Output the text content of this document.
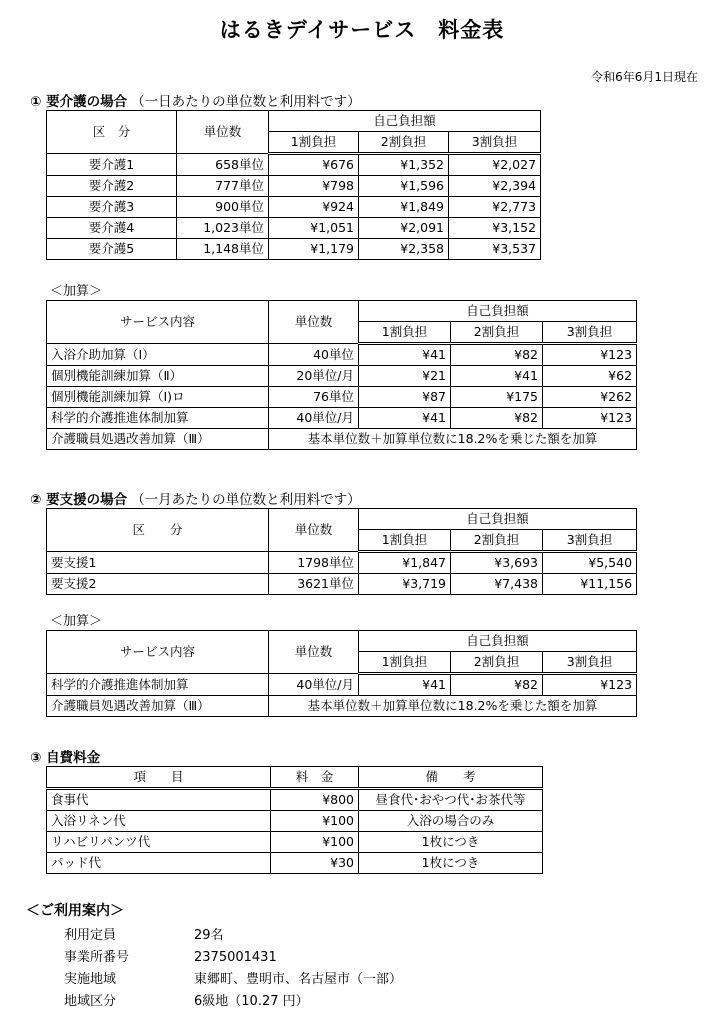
はるきデイサービス　料金表
令和6年6月1日現在
① 要介護の場合 （一日あたりの単位数と利用料です）
区　分	単位数	自己負担額		
		1割負担	2割負担	3割負担
要介護1	658単位	¥676	¥1,352	¥2,027
要介護2	777単位	¥798	¥1,596	¥2,394
要介護3	900単位	¥924	¥1,849	¥2,773
要介護4	1,023単位	¥1,051	¥2,091	¥3,152
要介護5	1,148単位	¥1,179	¥2,358	¥3,537
＜加算＞
サービス内容	単位数	自己負担額		
		1割負担	2割負担	3割負担
入浴介助加算（Ⅰ）	40単位	¥41	¥82	¥123
個別機能訓練加算（Ⅱ）	20単位/月	¥21	¥41	¥62
個別機能訓練加算（Ⅰ)ロ	76単位	¥87	¥175	¥262
科学的介護推進体制加算	40単位/月	¥41	¥82	¥123
介護職員処遇改善加算（Ⅲ）	基本単位数＋加算単位数に18.2%を乗じた額を加算			
② 要支援の場合 （一月あたりの単位数と利用料です）
区　　分	単位数	自己負担額		
		1割負担	2割負担	3割負担
要支援1	1798単位	¥1,847	¥3,693	¥5,540
要支援2	3621単位	¥3,719	¥7,438	¥11,156
＜加算＞
サービス内容	単位数	自己負担額		
		1割負担	2割負担	3割負担
科学的介護推進体制加算	40単位/月	¥41	¥82	¥123
介護職員処遇改善加算（Ⅲ）	基本単位数＋加算単位数に18.2%を乗じた額を加算			
③ 自費料金
項　　目	料　金	備　　考
食事代	¥800	昼食代･おやつ代･お茶代等
入浴リネン代	¥100	入浴の場合のみ
リハビリパンツ代	¥100	1枚につき
パッド代	¥30	1枚につき
＜ご利用案内＞
利用定員	29名
事業所番号	2375001431
実施地域	東郷町、豊明市、名古屋市（一部）
地域区分	6級地（10.27 円）
